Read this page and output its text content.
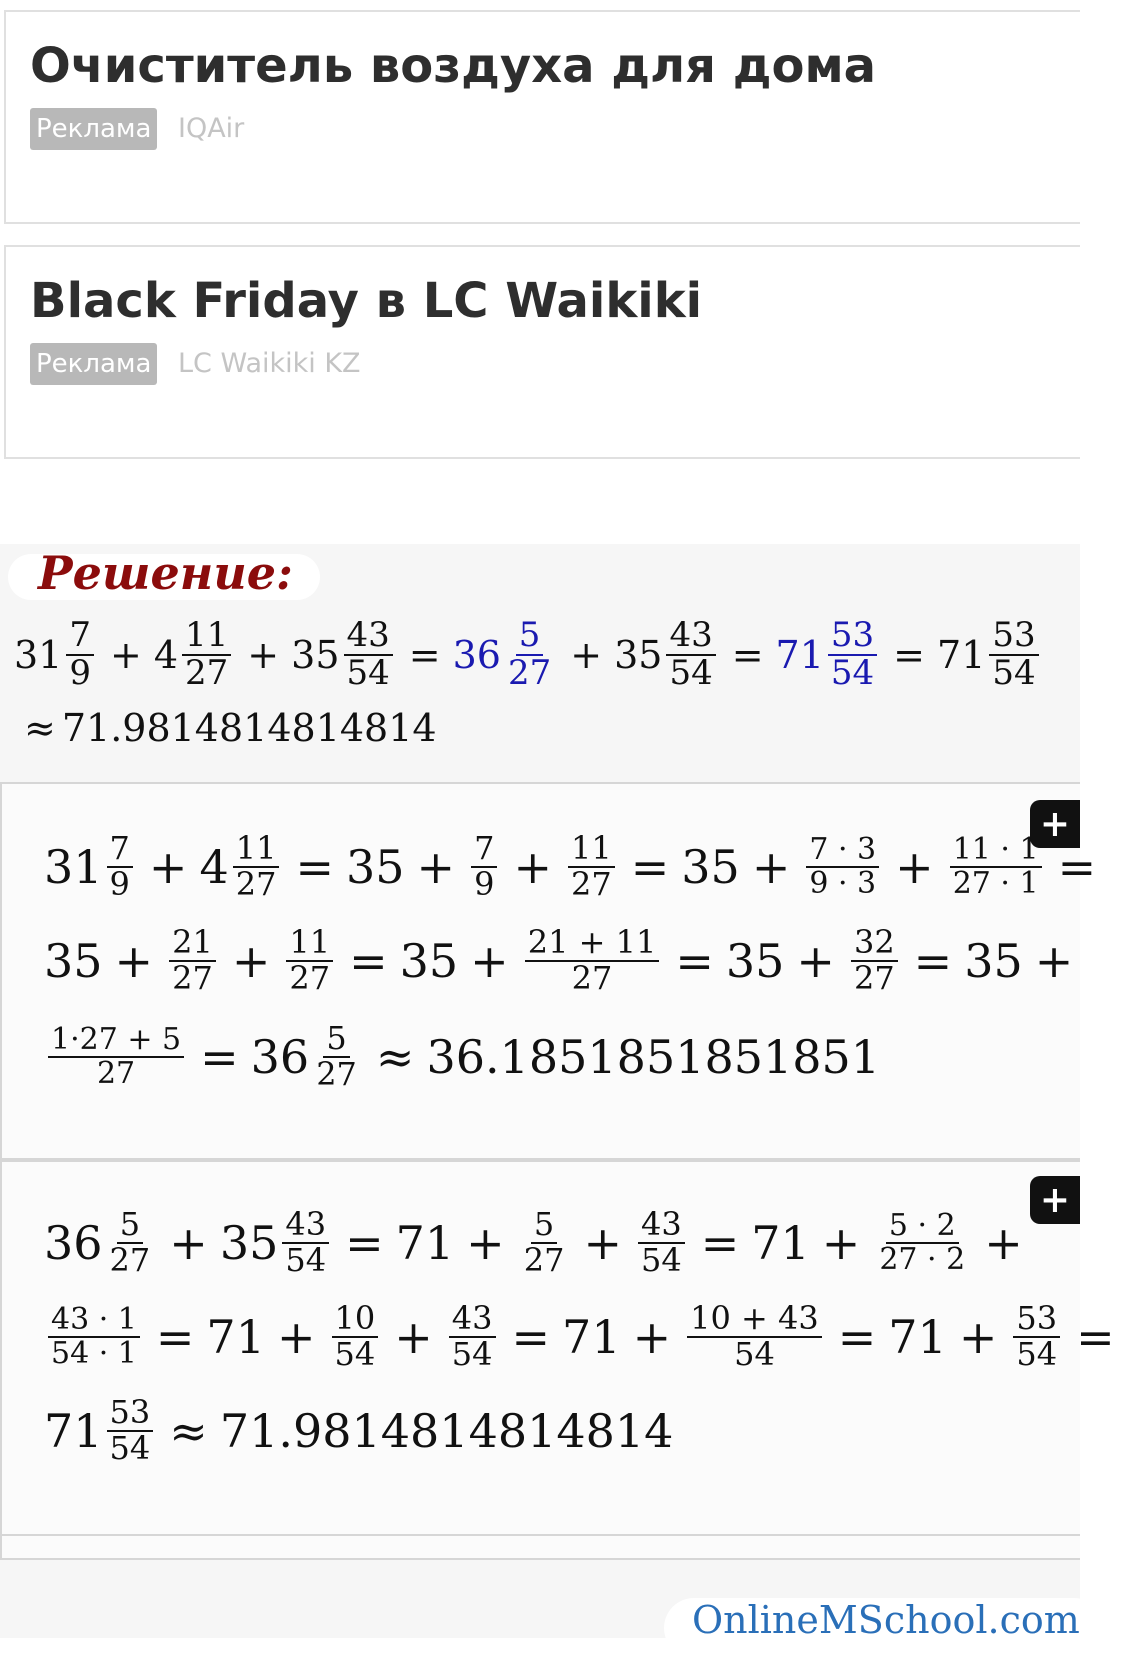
Очиститель воздуха для дома
Реклама IQAir
Black Friday в LC Waikiki
Реклама LC Waikiki KZ
Решение:
31 7
9 + 4 11
$27 + 35 \frac{43}{54} = 36$ 5
$27 + 35 \frac{43}{54} = 71 \frac{53}{54} = 71$ 53
54
≈ 71.9814814814814
+
31 7
$9 + 4 \frac{11}{27} = 35 + \frac{7}{9} + \frac{11}{27} = 35 + \frac{7 \cdot 3}{9 \cdot 3} + \frac{11 \cdot 1}{27 \cdot 1}$ =
$35 + \frac{21}{27} + \frac{11}{27} = 35 + \frac{21 + 11}{27} = 35 + \frac{32}{27} = 35$ +
$\frac{1\cdot 27 + 5}{27} = 36 \frac{5}{27} \approx 36.1851851851851$
+
36 5
$27 + 35 \frac{43}{54} = 71 + \frac{5}{27} + \frac{43}{54} = 71 + \frac{5 \cdot 2}{27 \cdot 2}$ +
$\frac{43 \cdot 1}{54 \cdot 1} = 71 + \frac{10}{54} + \frac{43}{54} = 71 + \frac{10 + 43}{54} = 71 + \frac{53}{54}$ =
$71 \frac{53}{54} \approx 71.9814814814814$
OnlineMSchool.com
